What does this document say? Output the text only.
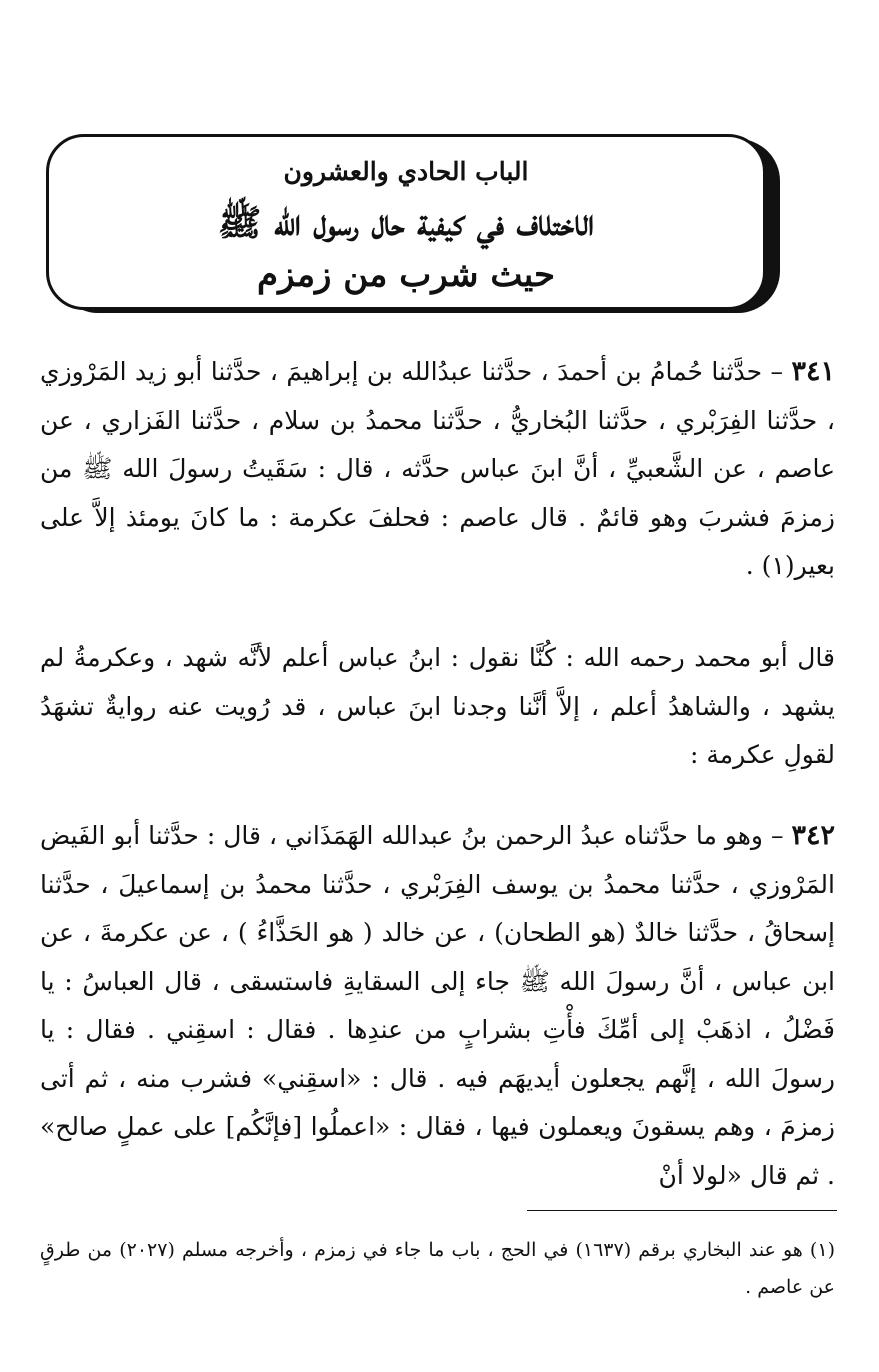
الباب الحادي والعشرون
الاختلاف في كيفية حال رسول الله ﷺ
حيث شرب من زمزم
٣٤١ – حدَّثنا حُمامُ بن أحمدَ ، حدَّثنا عبدُالله بن إبراهيمَ ، حدَّثنا أبو زيد المَرْوزي ، حدَّثنا الفِرَبْري ، حدَّثنا البُخاريُّ ، حدَّثنا محمدُ بن سلام ، حدَّثنا الفَزاري ، عن عاصم ، عن الشَّعبيِّ ، أنَّ ابنَ عباس حدَّثه ، قال : سَقَيتُ رسولَ الله ﷺ من زمزمَ فشربَ وهو قائمٌ . قال عاصم : فحلفَ عكرمة : ما كانَ يومئذ إلاَّ على بعير(١) .
قال أبو محمد رحمه الله : كُنَّا نقول : ابنُ عباس أعلم لأنَّه شهد ، وعكرمةُ لم يشهد ، والشاهدُ أعلم ، إلاَّ أنَّنا وجدنا ابنَ عباس ، قد رُويت عنه روايةٌ تشهَدُ لقولِ عكرمة :
٣٤٢ – وهو ما حدَّثناه عبدُ الرحمن بنُ عبدالله الهَمَذَاني ، قال : حدَّثنا أبو الفَيض المَرْوزي ، حدَّثنا محمدُ بن يوسف الفِرَبْري ، حدَّثنا محمدُ بن إسماعيلَ ، حدَّثنا إسحاقُ ، حدَّثنا خالدٌ (هو الطحان) ، عن خالد ( هو الحَذَّاءُ ) ، عن عكرمةَ ، عن ابن عباس ، أنَّ رسولَ الله ﷺ جاء إلى السقايةِ فاستسقى ، قال العباسُ : يا فَضْلُ ، اذهَبْ إلى أمِّكَ فأْتِ بشرابٍ من عندِها . فقال : اسقِني . فقال : يا رسولَ الله ، إنَّهم يجعلون أيديهَم فيه . قال : «اسقِني» فشرب منه ، ثم أتى زمزمَ ، وهم يسقونَ ويعملون فيها ، فقال : «اعملُوا [فإنَّكُم] على عملٍ صالح» . ثم قال «لولا أنْ
(١) هو عند البخاري برقم (١٦٣٧) في الحج ، باب ما جاء في زمزم ، وأخرجه مسلم (٢٠٢٧) من طرقٍ عن عاصم .
